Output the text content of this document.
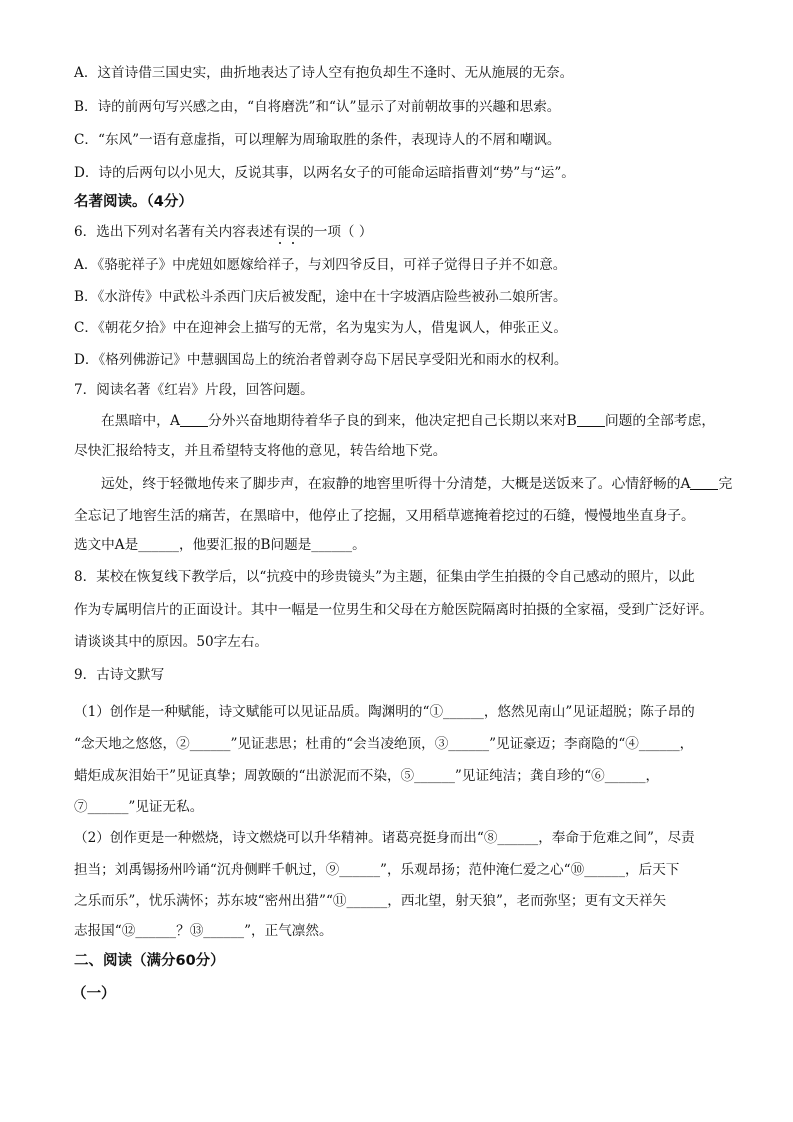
A．这首诗借三国史实，曲折地表达了诗人空有抱负却生不逢时、无从施展的无奈。
B．诗的前两句写兴感之由，“自将磨洗”和“认”显示了对前朝故事的兴趣和思索。
C．“东风”一语有意虚指，可以理解为周瑜取胜的条件，表现诗人的不屑和嘲讽。
D．诗的后两句以小见大，反说其事，以两名女子的可能命运暗指曹刘“势”与“运”。
名著阅读。（4分）
6．选出下列对名著有关内容表述有误的一项（ ）
A．《骆驼祥子》中虎妞如愿嫁给祥子，与刘四爷反目，可祥子觉得日子并不如意。
B．《水浒传》中武松斗杀西门庆后被发配，途中在十字坡酒店险些被孙二娘所害。
C．《朝花夕拾》中在迎神会上描写的无常，名为鬼实为人，借鬼讽人，伸张正义。
D．《格列佛游记》中慧骃国岛上的统治者曾剥夺岛下居民享受阳光和雨水的权利。
7．阅读名著《红岩》片段，回答问题。
在黑暗中，A 分外兴奋地期待着华子良的到来，他决定把自己长期以来对B 问题的全部考虑，
尽快汇报给特支，并且希望特支将他的意见，转告给地下党。
远处，终于轻微地传来了脚步声，在寂静的地窖里听得十分清楚，大概是送饭来了。心情舒畅的A 完
全忘记了地窖生活的痛苦，在黑暗中，他停止了挖掘，又用稻草遮掩着挖过的石缝，慢慢地坐直身子。
选文中A是______，他要汇报的B问题是______。
8．某校在恢复线下教学后，以“抗疫中的珍贵镜头”为主题，征集由学生拍摄的令自己感动的照片，以此
作为专属明信片的正面设计。其中一幅是一位男生和父母在方舱医院隔离时拍摄的全家福，受到广泛好评。
请谈谈其中的原因。50字左右。
9．古诗文默写
（1）创作是一种赋能，诗文赋能可以见证品质。陶渊明的“①______，悠然见南山”见证超脱；陈子昂的
“念天地之悠悠，②______”见证悲思；杜甫的“会当凌绝顶，③______”见证豪迈；李商隐的“④______，
蜡炬成灰泪始干”见证真挚；周敦颐的“出淤泥而不染，⑤______”见证纯洁；龚自珍的“⑥______，
⑦______”见证无私。
（2）创作更是一种燃烧，诗文燃烧可以升华精神。诸葛亮挺身而出“⑧______，奉命于危难之间”，尽责
担当；刘禹锡扬州吟诵“沉舟侧畔千帆过，⑨______”，乐观昂扬；范仲淹仁爱之心“⑩______，后天下
之乐而乐”，忧乐满怀；苏东坡“密州出猎”“⑪______，西北望，射天狼”，老而弥坚；更有文天祥矢
志报国“⑫______？⑬______”，正气凛然。
二、阅读（满分60分）
（一）
